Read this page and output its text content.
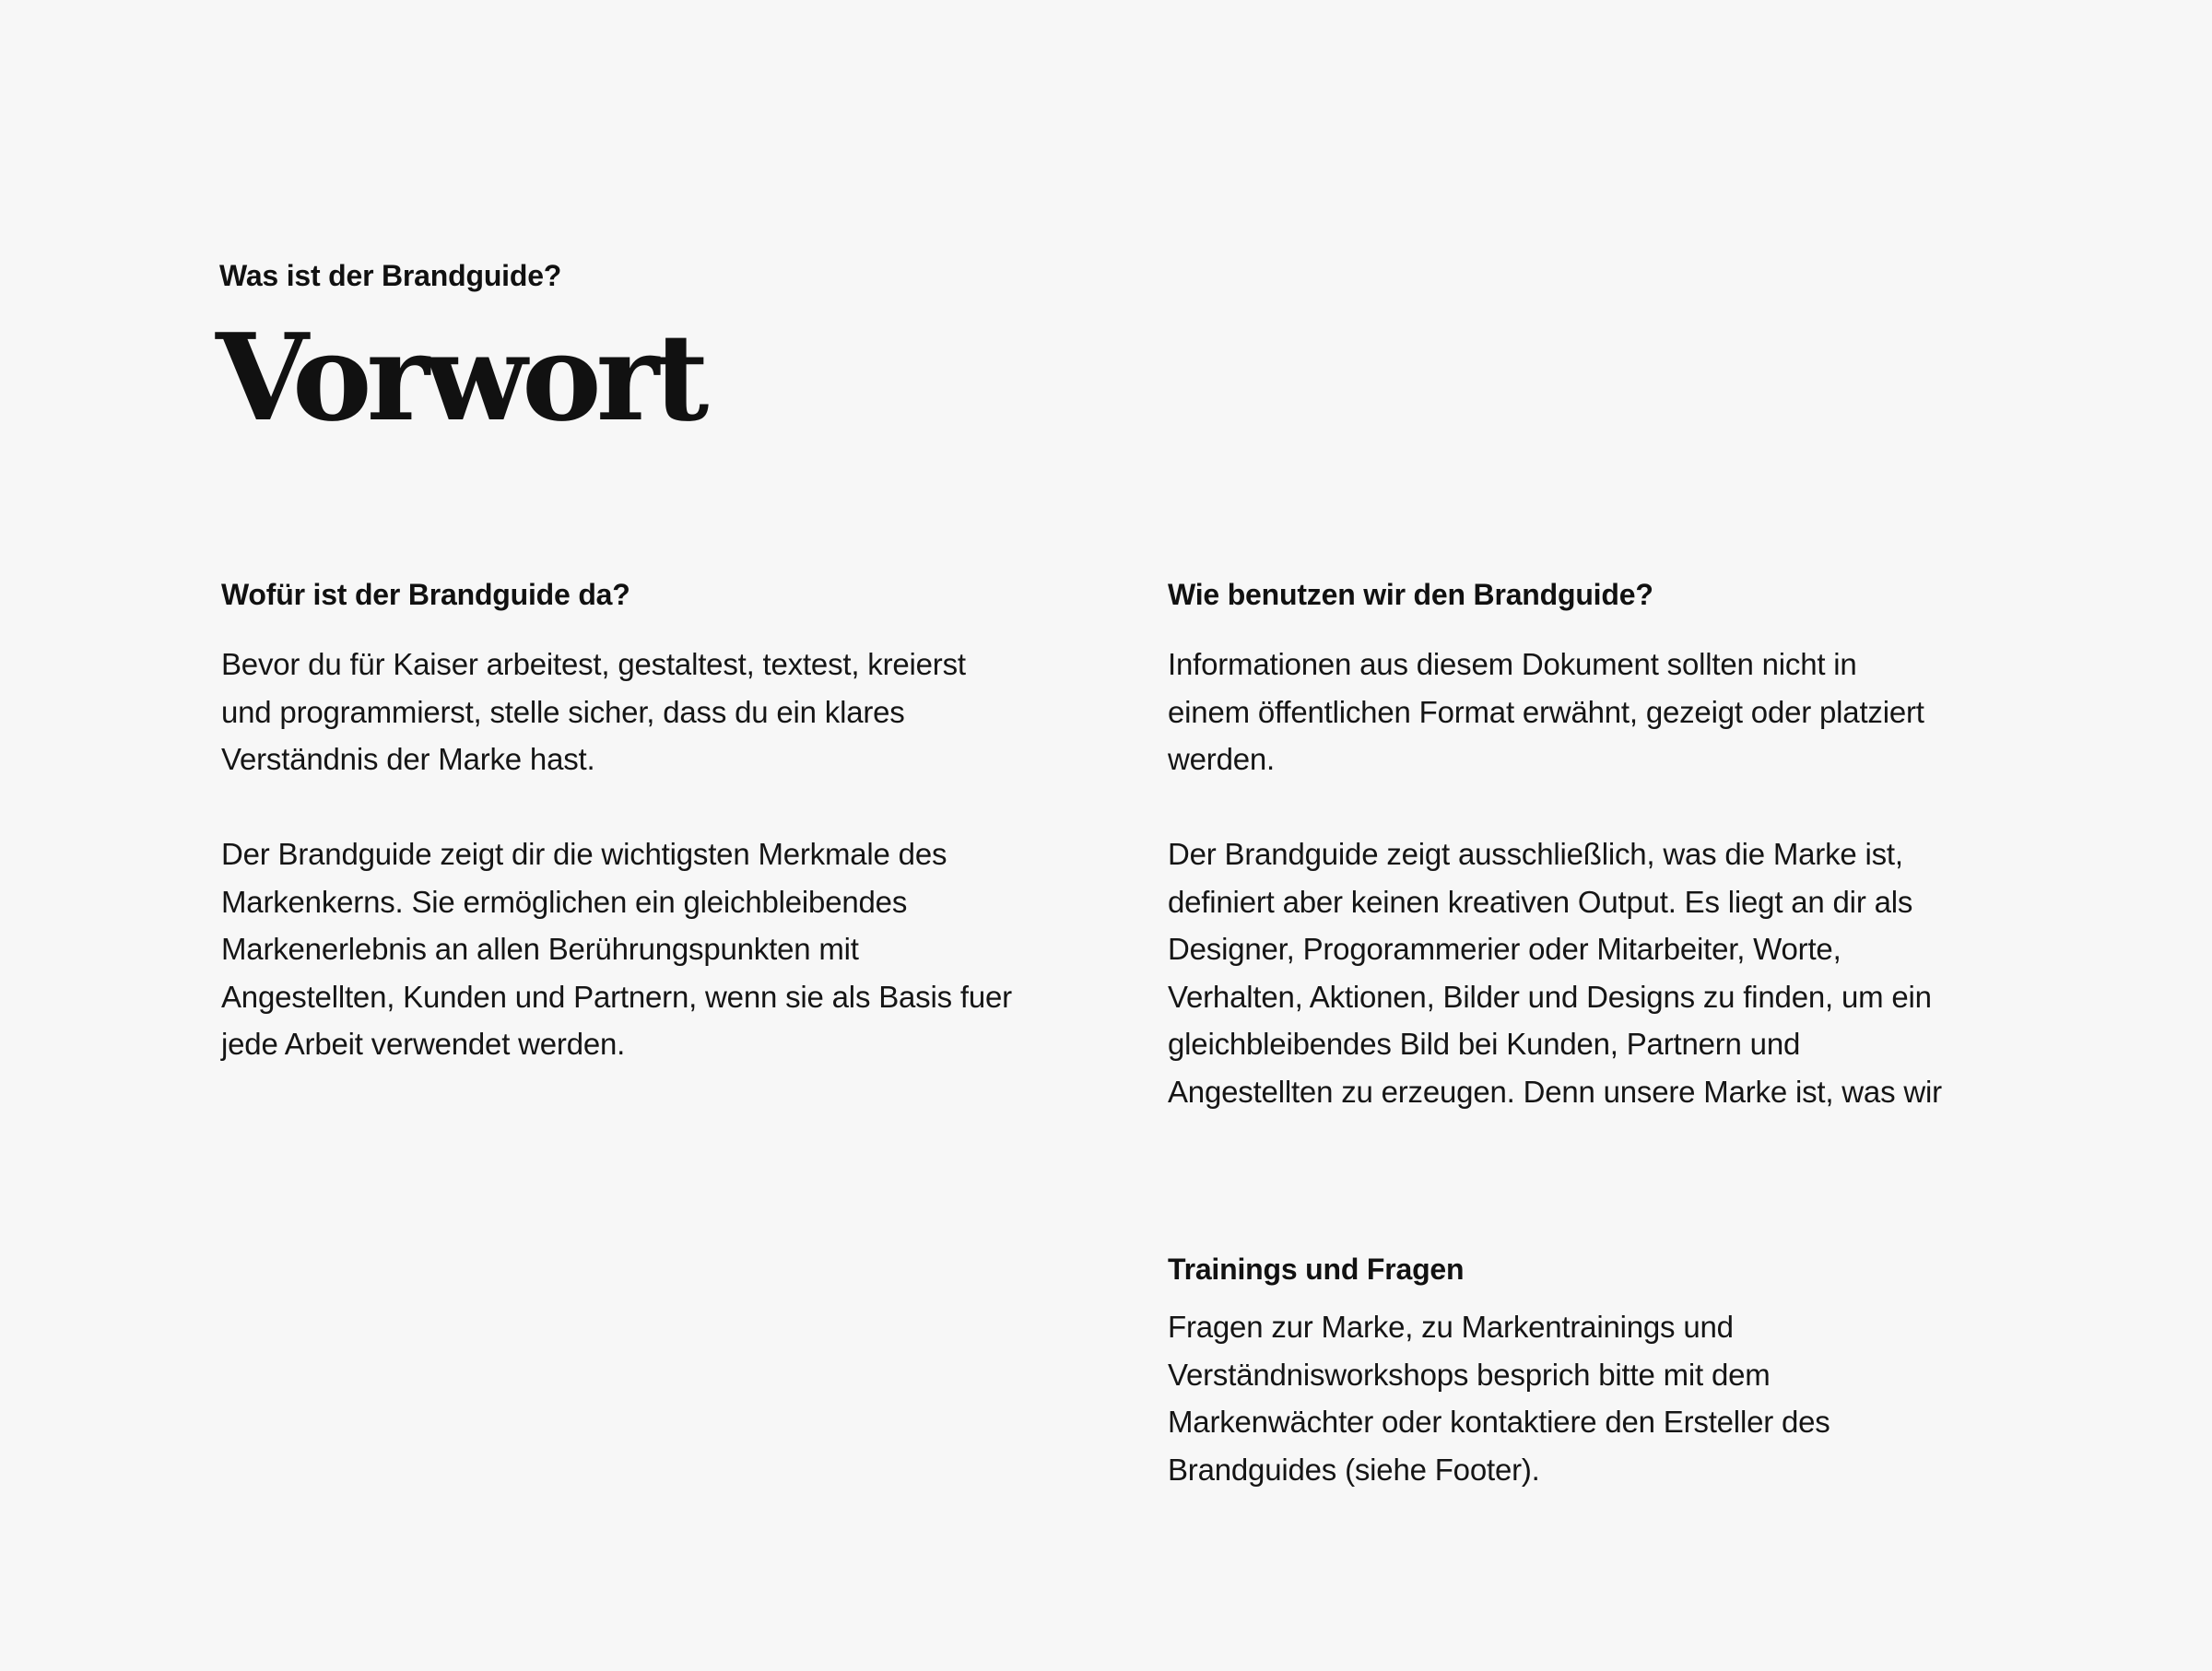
Was ist der Brandguide?
Vorwort
Wofür ist der Brandguide da?

Bevor du für Kaiser arbeitest, gestaltest, textest, kreierst
und programmierst, stelle sicher, dass du ein klares
Verständnis der Marke hast.

Der Brandguide zeigt dir die wichtigsten Merkmale des
Markenkerns. Sie ermöglichen ein gleichbleibendes
Markenerlebnis an allen Berührungspunkten mit
Angestellten, Kunden und Partnern, wenn sie als Basis fuer
jede Arbeit verwendet werden.

Wie benutzen wir den Brandguide?

Informationen aus diesem Dokument sollten nicht in
einem öffentlichen Format erwähnt, gezeigt oder platziert
werden.

Der Brandguide zeigt ausschließlich, was die Marke ist,
definiert aber keinen kreativen Output. Es liegt an dir als
Designer, Progorammerier oder Mitarbeiter, Worte,
Verhalten, Aktionen, Bilder und Designs zu finden, um ein
gleichbleibendes Bild bei Kunden, Partnern und
Angestellten zu erzeugen. Denn unsere Marke ist, was wir

Trainings und Fragen

Fragen zur Marke, zu Markentrainings und
Verständnisworkshops besprich bitte mit dem
Markenwächter oder kontaktiere den Ersteller des
Brandguides (siehe Footer).
